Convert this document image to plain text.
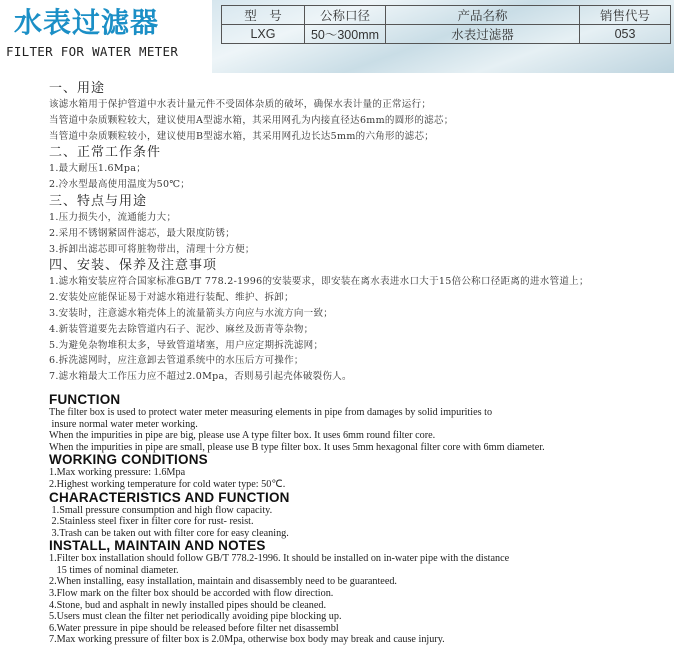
水表过滤器
FILTER FOR WATER METER
型　号	公称口径	产品名称	销售代号
LXG	50～300mm	水表过滤器	053

一、用途

该滤水箱用于保护管道中水表计量元件不受固体杂质的破坏，确保水表计量的正常运行；

当管道中杂质颗粒较大，建议使用A型滤水箱，其采用网孔为内接直径达6mm的圆形的滤芯；

当管道中杂质颗粒较小，建议使用B型滤水箱，其采用网孔边长达5mm的六角形的滤芯；

二、正常工作条件

1.最大耐压1.6Mpa；

2.冷水型最高使用温度为50℃；

三、特点与用途

1.压力损失小，流通能力大；

2.采用不锈钢紧固件滤芯，最大限度防锈；

3.拆卸出滤芯即可将脏物带出，清理十分方便；

四、安装、保养及注意事项

1.滤水箱安装应符合国家标准GB/T 778.2-1996的安装要求，即安装在离水表进水口大于15倍公称口径距离的进水管道上；

2.安装处应能保证易于对滤水箱进行装配、维护、拆卸；

3.安装时，注意滤水箱壳体上的流量箭头方向应与水流方向一致；

4.新装管道要先去除管道内石子、泥沙、麻丝及沥青等杂物；

5.为避免杂物堆积太多，导致管道堵塞，用户应定期拆洗滤网；

6.拆洗滤网时，应注意卸去管道系统中的水压后方可操作；

7.滤水箱最大工作压力应不超过2.0Mpa，否则易引起壳体破裂伤人。

FUNCTION

The filter box is used to protect water meter measuring elements in pipe from damages by solid impurities to

insure normal water meter working.

When the impurities in pipe are big, please use A type filter box. It uses 6mm round filter core.

When the impurities in pipe are small, please use B type filter box. It uses 5mm hexagonal filter core with 6mm diameter.

WORKING CONDITIONS

1.Max working pressure: 1.6Mpa

2.Highest working temperature for cold water type: 50℃.

CHARACTERISTICS AND FUNCTION

1.Small pressure consumption and high flow capacity.

2.Stainless steel fixer in filter core for rust- resist.

3.Trash can be taken out with filter core for easy cleaning.

INSTALL, MAINTAIN AND NOTES

1.Filter box installation should follow GB/T 778.2-1996. It should be installed on in-water pipe with the distance

15 times of nominal diameter.

2.When installing, easy installation, maintain and disassembly need to be guaranteed.

3.Flow mark on the filter box should be accorded with flow direction.

4.Stone, bud and asphalt in newly installed pipes should be cleaned.

5.Users must clean the filter net periodically avoiding pipe blocking up.

6.Water pressure in pipe should be released before filter net disassembl

7.Max working pressure of filter box is 2.0Mpa, otherwise box body may break and cause injury.
